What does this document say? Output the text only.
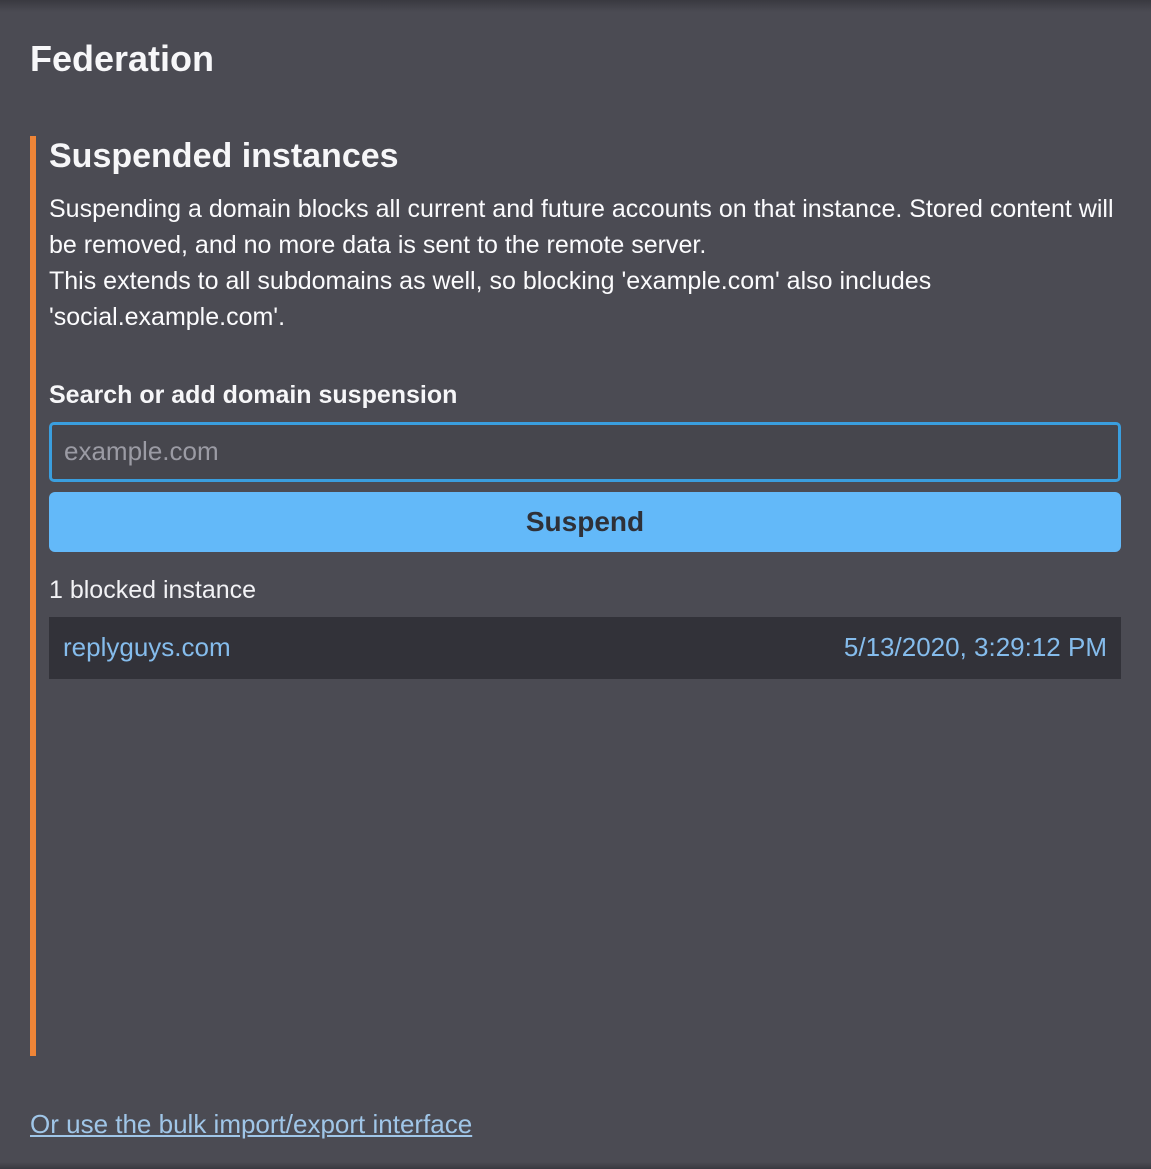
Federation
Suspended instances

Suspending a domain blocks all current and future accounts on that instance. Stored content will be removed, and no more data is sent to the remote server.

This extends to all subdomains as well, so blocking 'example.com' also includes 'social.example.com'.

Search or add domain suspension
example.com
Suspend
1 blocked instance
replyguys.com	5/13/2020, 3:29:12 PM
Or use the bulk import/export interface
